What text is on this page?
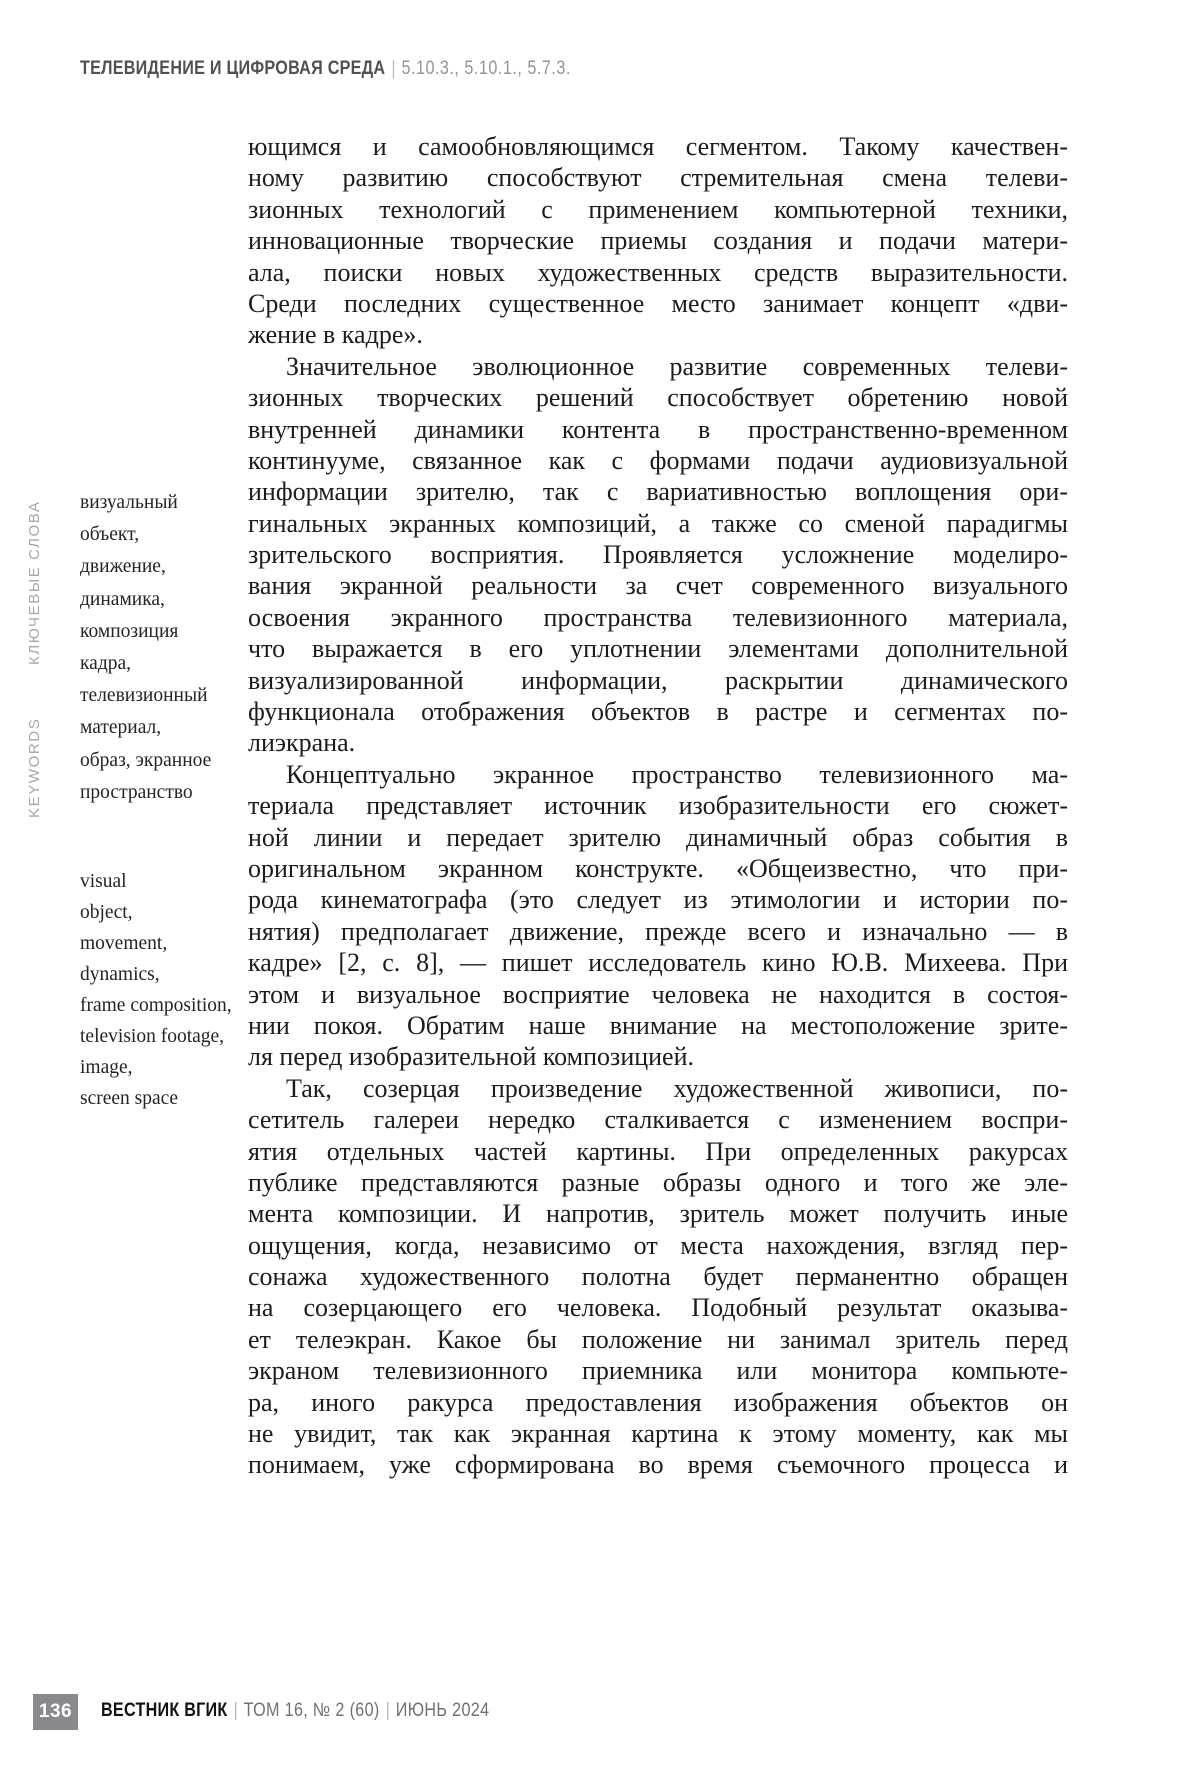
ТЕЛЕВИДЕНИЕ И ЦИФРОВАЯ СРЕДА | 5.10.3., 5.10.1., 5.7.3.
КЛЮЧЕВЫЕ СЛОВА
KEYWORDS
визуальный
объект,
движение,
динамика,
композиция
кадра,
телевизионный
материал,
образ, экранное
пространство
visual
object,
movement,
dynamics,
frame composition,
television footage,
image,
screen space
ющимся и самообновляющимся сегментом. Такому качествен-
ному развитию способствуют стремительная смена телеви-
зионных технологий с применением компьютерной техники,
инновационные творческие приемы создания и подачи матери-
ала, поиски новых художественных средств выразительности.
Среди последних существенное место занимает концепт «дви-
жение в кадре».
Значительное эволюционное развитие современных телеви-
зионных творческих решений способствует обретению новой
внутренней динамики контента в пространственно-временном
континууме, связанное как с формами подачи аудиовизуальной
информации зрителю, так с вариативностью воплощения ори-
гинальных экранных композиций, а также со сменой парадигмы
зрительского восприятия. Проявляется усложнение моделиро-
вания экранной реальности за счет современного визуального
освоения экранного пространства телевизионного материала,
что выражается в его уплотнении элементами дополнительной
визуализированной информации, раскрытии динамического
функционала отображения объектов в растре и сегментах по-
лиэкрана.
Концептуально экранное пространство телевизионного ма-
териала представляет источник изобразительности его сюжет-
ной линии и передает зрителю динамичный образ события в
оригинальном экранном конструкте. «Общеизвестно, что при-
рода кинематографа (это следует из этимологии и истории по-
нятия) предполагает движение, прежде всего и изначально — в
кадре» [2, с. 8], — пишет исследователь кино Ю.В. Михеева. При
этом и визуальное восприятие человека не находится в состоя-
нии покоя. Обратим наше внимание на местоположение зрите-
ля перед изобразительной композицией.
Так, созерцая произведение художественной живописи, по-
сетитель галереи нередко сталкивается с изменением воспри-
ятия отдельных частей картины. При определенных ракурсах
публике представляются разные образы одного и того же эле-
мента композиции. И напротив, зритель может получить иные
ощущения, когда, независимо от места нахождения, взгляд пер-
сонажа художественного полотна будет перманентно обращен
на созерцающего его человека. Подобный результат оказыва-
ет телеэкран. Какое бы положение ни занимал зритель перед
экраном телевизионного приемника или монитора компьюте-
ра, иного ракурса предоставления изображения объектов он
не увидит, так как экранная картина к этому моменту, как мы
понимаем, уже сформирована во время съемочного процесса и
136	ВЕСТНИК ВГИК | ТОМ 16, № 2 (60) | ИЮНЬ 2024
